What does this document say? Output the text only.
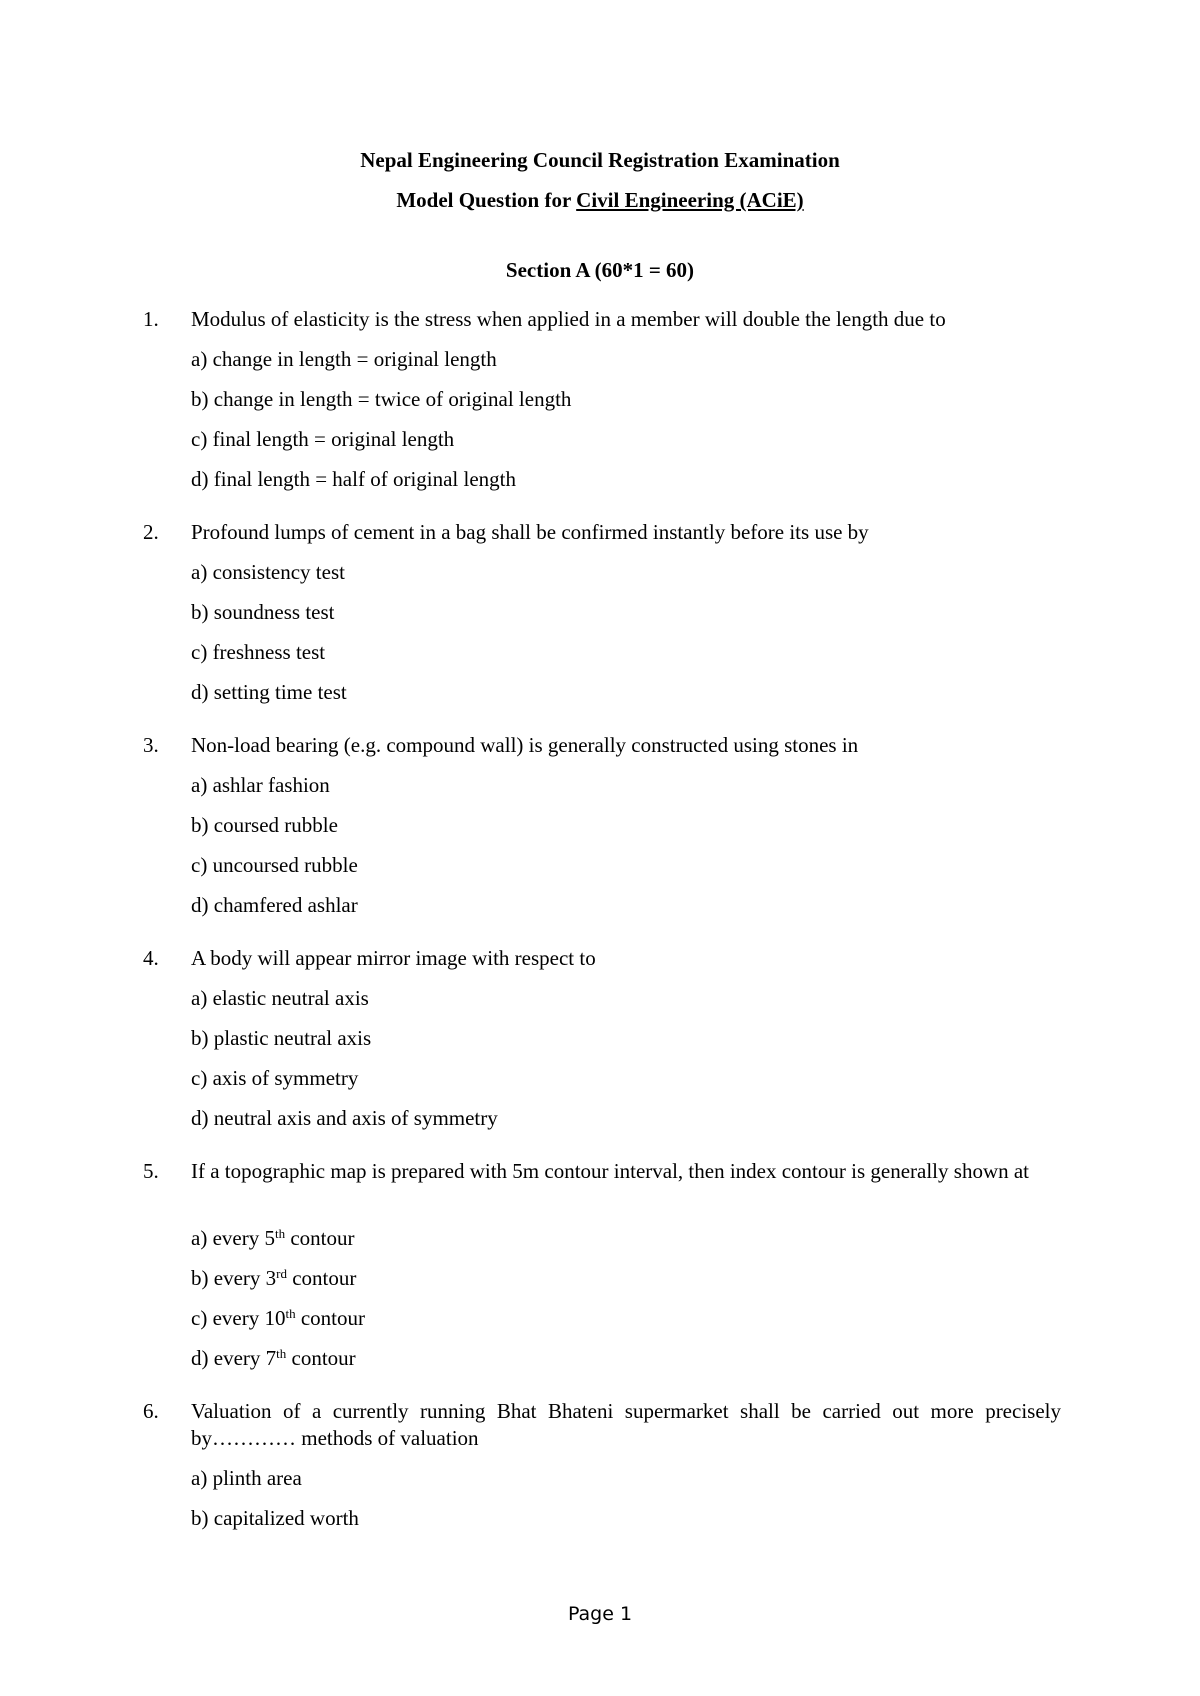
Nepal Engineering Council Registration Examination
Model Question for Civil Engineering (ACiE)
Section A (60*1 = 60)
1. Modulus of elasticity is the stress when applied in a member will double the length due to
a) change in length = original length
b) change in length = twice of original length
c) final length = original length
d) final length = half of original length
2. Profound lumps of cement in a bag shall be confirmed instantly before its use by
a) consistency test
b) soundness test
c) freshness test
d) setting time test
3. Non-load bearing (e.g. compound wall) is generally constructed using stones in
a) ashlar fashion
b) coursed rubble
c) uncoursed rubble
d) chamfered ashlar
4. A body will appear mirror image with respect to
a) elastic neutral axis
b) plastic neutral axis
c) axis of symmetry
d) neutral axis and axis of symmetry
5. If a topographic map is prepared with 5m contour interval, then index contour is generally shown at
a) every 5th contour
b) every 3rd contour
c) every 10th contour
d) every 7th contour
6. Valuation of a currently running Bhat Bhateni supermarket shall be carried out more precisely by………… methods of valuation
a) plinth area
b) capitalized worth
Page 1
